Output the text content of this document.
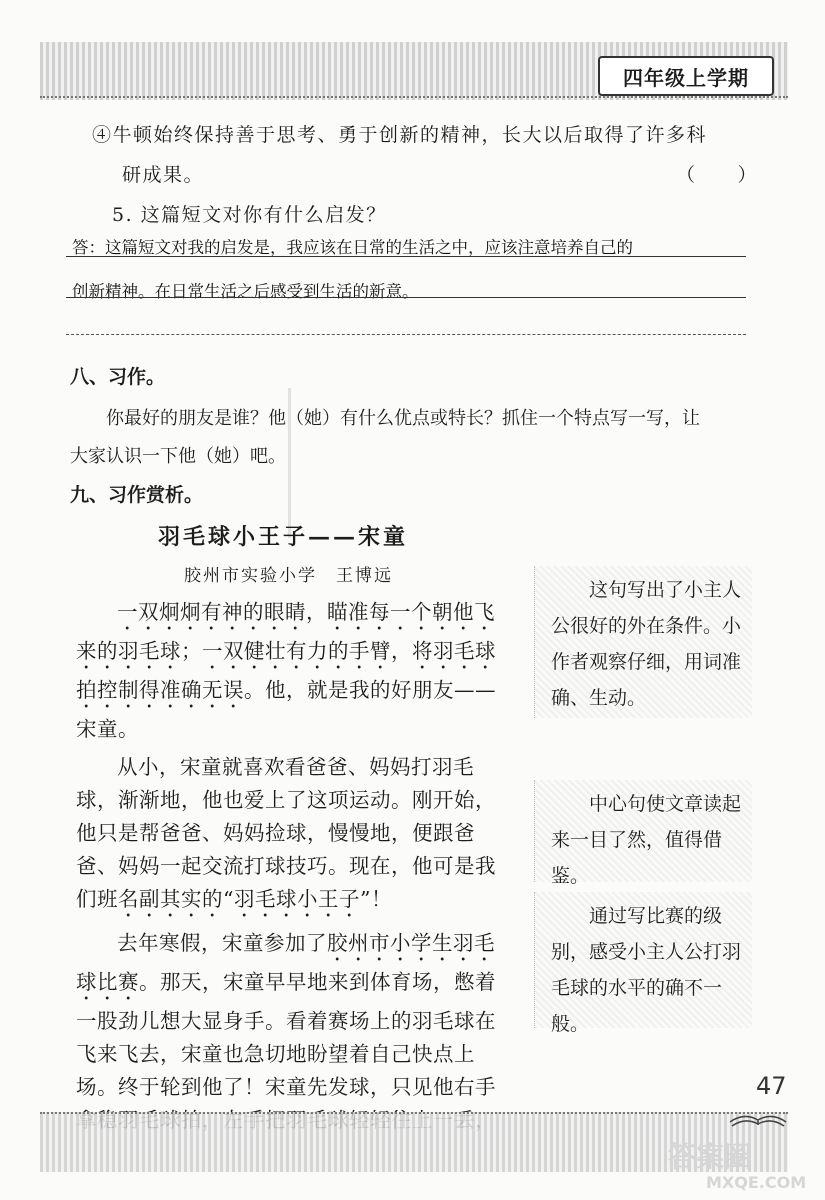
四年级上学期
④牛顿始终保持善于思考、勇于创新的精神，长大以后取得了许多科
研成果。	（　　）
5. 这篇短文对你有什么启发？
答：这篇短文对我的启发是，我应该在日常的生活之中，应该注意培养自己的
创新精神。在日常生活之后感受到生活的新意。
八、习作。
你最好的朋友是谁？他（她）有什么优点或特长？抓住一个特点写一写，让
大家认识一下他（她）吧。
九、习作赏析。
羽毛球小王子——宋童
胶州市实验小学　王博远

一双炯炯有神的眼睛，瞄准每一个朝他飞来的羽毛球；一双健壮有力的手臂，将羽毛球拍控制得准确无误。他，就是我的好朋友——宋童。

从小，宋童就喜欢看爸爸、妈妈打羽毛球，渐渐地，他也爱上了这项运动。刚开始，他只是帮爸爸、妈妈捡球，慢慢地，便跟爸爸、妈妈一起交流打球技巧。现在，他可是我们班名副其实的“羽毛球小王子”！

去年寒假，宋童参加了胶州市小学生羽毛球比赛。那天，宋童早早地来到体育场，憋着一股劲儿想大显身手。看着赛场上的羽毛球在飞来飞去，宋童也急切地盼望着自己快点上场。终于轮到他了！宋童先发球，只见他右手

这句写出了小主人公很好的外在条件。小作者观察仔细，用词准确、生动。
中心句使文章读起来一目了然，值得借鉴。
通过写比赛的级别，感受小主人公打羽毛球的水平的确不一般。
47
答案圈
MXQE.COM
